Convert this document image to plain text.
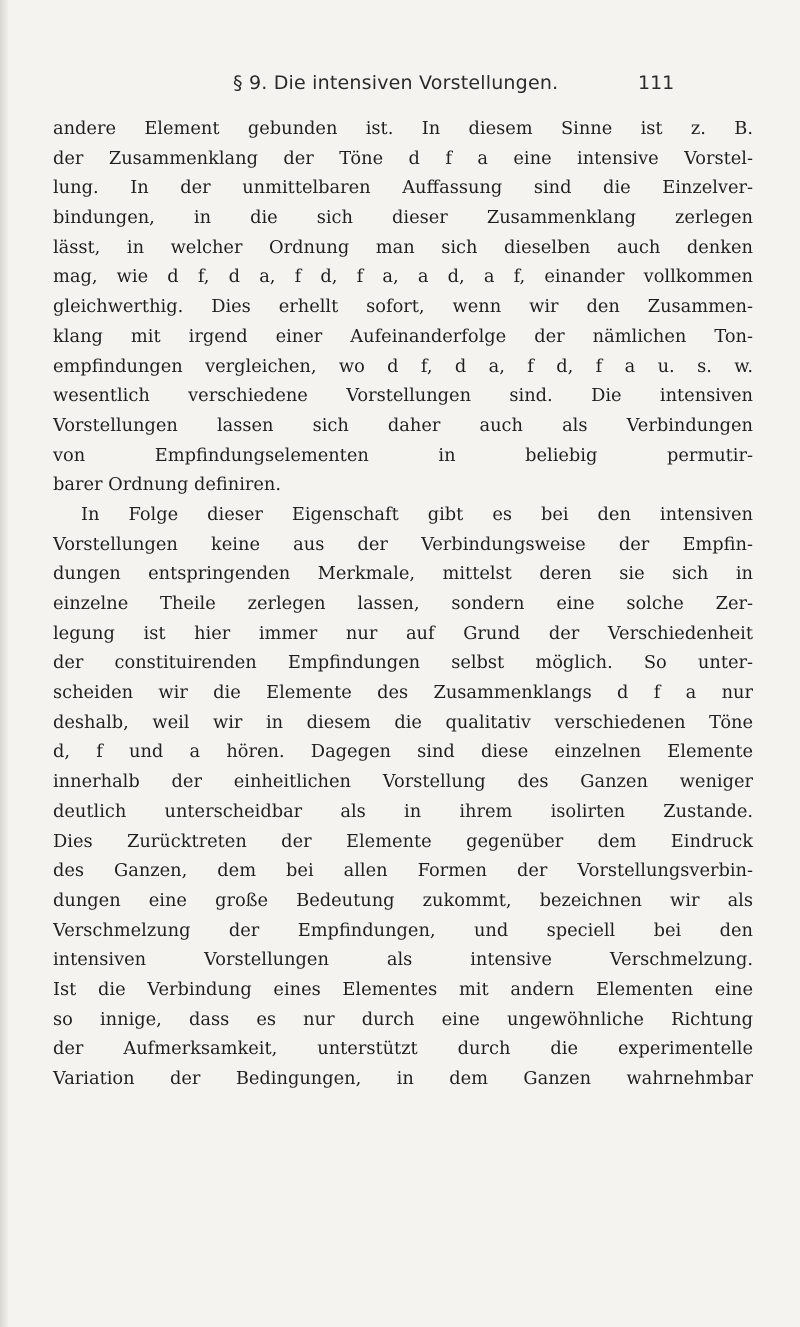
§ 9. Die intensiven Vorstellungen.	111
andere Element gebunden ist. In diesem Sinne ist z. B.
der Zusammenklang der Töne d f a eine intensive Vorstel-
lung. In der unmittelbaren Auffassung sind die Einzelver-
bindungen, in die sich dieser Zusammenklang zerlegen
lässt, in welcher Ordnung man sich dieselben auch denken
mag, wie d f, d a, f d, f a, a d, a f, einander vollkommen
gleichwerthig. Dies erhellt sofort, wenn wir den Zusammen-
klang mit irgend einer Aufeinanderfolge der nämlichen Ton-
empfindungen vergleichen, wo d f, d a, f d, f a u. s. w.
wesentlich verschiedene Vorstellungen sind. Die intensiven
Vorstellungen lassen sich daher auch als Verbindungen
von Empfindungselementen in beliebig permutir-
barer Ordnung definiren.
In Folge dieser Eigenschaft gibt es bei den intensiven
Vorstellungen keine aus der Verbindungsweise der Empfin-
dungen entspringenden Merkmale, mittelst deren sie sich in
einzelne Theile zerlegen lassen, sondern eine solche Zer-
legung ist hier immer nur auf Grund der Verschiedenheit
der constituirenden Empfindungen selbst möglich. So unter-
scheiden wir die Elemente des Zusammenklangs d f a nur
deshalb, weil wir in diesem die qualitativ verschiedenen Töne
d, f und a hören. Dagegen sind diese einzelnen Elemente
innerhalb der einheitlichen Vorstellung des Ganzen weniger
deutlich unterscheidbar als in ihrem isolirten Zustande.
Dies Zurücktreten der Elemente gegenüber dem Eindruck
des Ganzen, dem bei allen Formen der Vorstellungsverbin-
dungen eine große Bedeutung zukommt, bezeichnen wir als
Verschmelzung der Empfindungen, und speciell bei den
intensiven Vorstellungen als intensive Verschmelzung.
Ist die Verbindung eines Elementes mit andern Elementen eine
so innige, dass es nur durch eine ungewöhnliche Richtung
der Aufmerksamkeit, unterstützt durch die experimentelle
Variation der Bedingungen, in dem Ganzen wahrnehmbar
